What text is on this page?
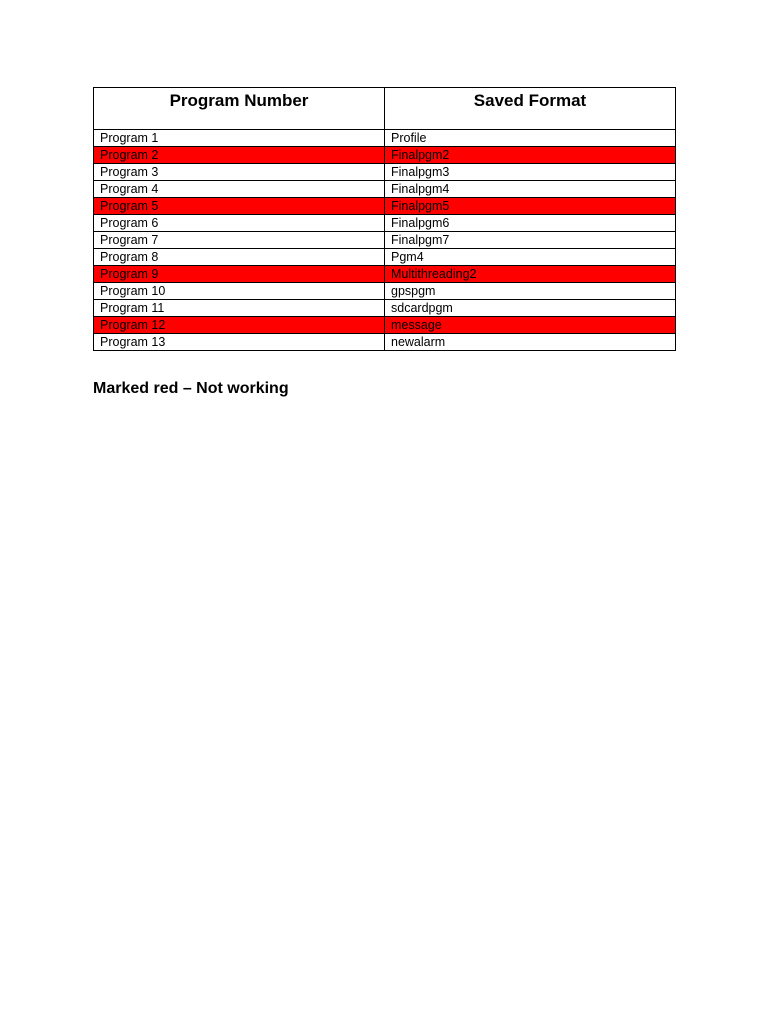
Program Number	Saved Format
Program 1	Profile
Program 2	Finalpgm2
Program 3	Finalpgm3
Program 4	Finalpgm4
Program 5	Finalpgm5
Program 6	Finalpgm6
Program 7	Finalpgm7
Program 8	Pgm4
Program 9	Multithreading2
Program 10	gpspgm
Program 11	sdcardpgm
Program 12	message
Program 13	newalarm
Marked red – Not working
